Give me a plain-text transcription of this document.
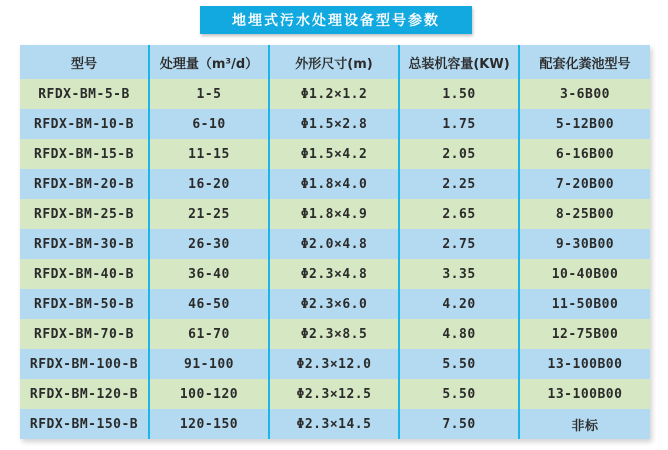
地埋式污水处理设备型号参数
型号	处理量（m³/d）	外形尺寸(m)	总装机容量(KW)	配套化粪池型号
RFDX-BM-5-B	1-5	Φ1.2×1.2	1.50	3-6B00
RFDX-BM-10-B	6-10	Φ1.5×2.8	1.75	5-12B00
RFDX-BM-15-B	11-15	Φ1.5×4.2	2.05	6-16B00
RFDX-BM-20-B	16-20	Φ1.8×4.0	2.25	7-20B00
RFDX-BM-25-B	21-25	Φ1.8×4.9	2.65	8-25B00
RFDX-BM-30-B	26-30	Φ2.0×4.8	2.75	9-30B00
RFDX-BM-40-B	36-40	Φ2.3×4.8	3.35	10-40B00
RFDX-BM-50-B	46-50	Φ2.3×6.0	4.20	11-50B00
RFDX-BM-70-B	61-70	Φ2.3×8.5	4.80	12-75B00
RFDX-BM-100-B	91-100	Φ2.3×12.0	5.50	13-100B00
RFDX-BM-120-B	100-120	Φ2.3×12.5	5.50	13-100B00
RFDX-BM-150-B	120-150	Φ2.3×14.5	7.50	非标
